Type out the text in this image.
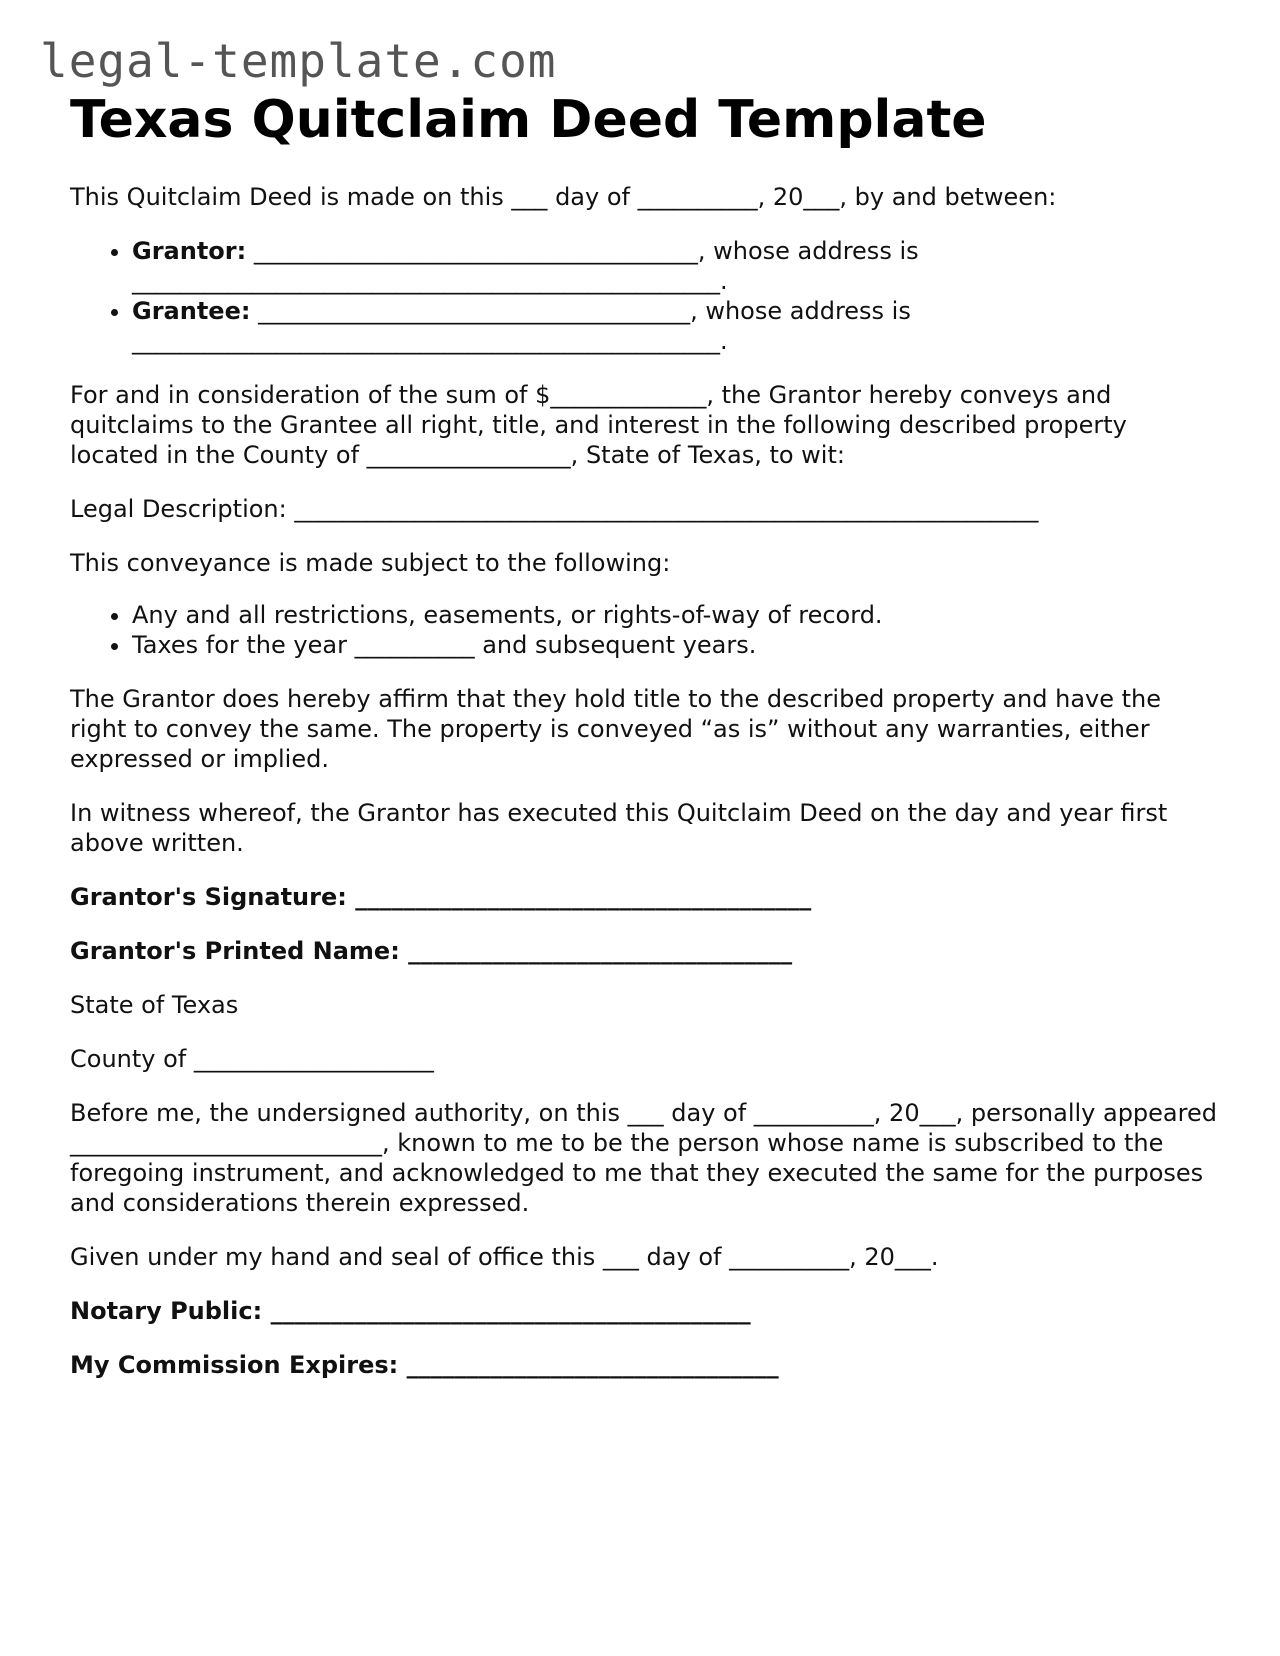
legal-template.com
Texas Quitclaim Deed Template

This Quitclaim Deed is made on this ___ day of __________, 20___, by and between:

• Grantor: _____________________________________, whose address is _________________________________________________.
• Grantee: ____________________________________, whose address is _________________________________________________.

For and in consideration of the sum of $_____________, the Grantor hereby conveys and quitclaims to the Grantee all right, title, and interest in the following described property located in the County of _________________, State of Texas, to wit:

Legal Description: ______________________________________________________________

This conveyance is made subject to the following:

• Any and all restrictions, easements, or rights-of-way of record.
• Taxes for the year __________ and subsequent years.

The Grantor does hereby affirm that they hold title to the described property and have the right to convey the same. The property is conveyed “as is” without any warranties, either expressed or implied.

In witness whereof, the Grantor has executed this Quitclaim Deed on the day and year first above written.

Grantor's Signature: ______________________________________

Grantor's Printed Name: ________________________________

State of Texas

County of ____________________

Before me, the undersigned authority, on this ___ day of __________, 20___, personally appeared __________________________, known to me to be the person whose name is subscribed to the foregoing instrument, and acknowledged to me that they executed the same for the purposes and considerations therein expressed.

Given under my hand and seal of office this ___ day of __________, 20___.

Notary Public: ________________________________________

My Commission Expires: _______________________________
